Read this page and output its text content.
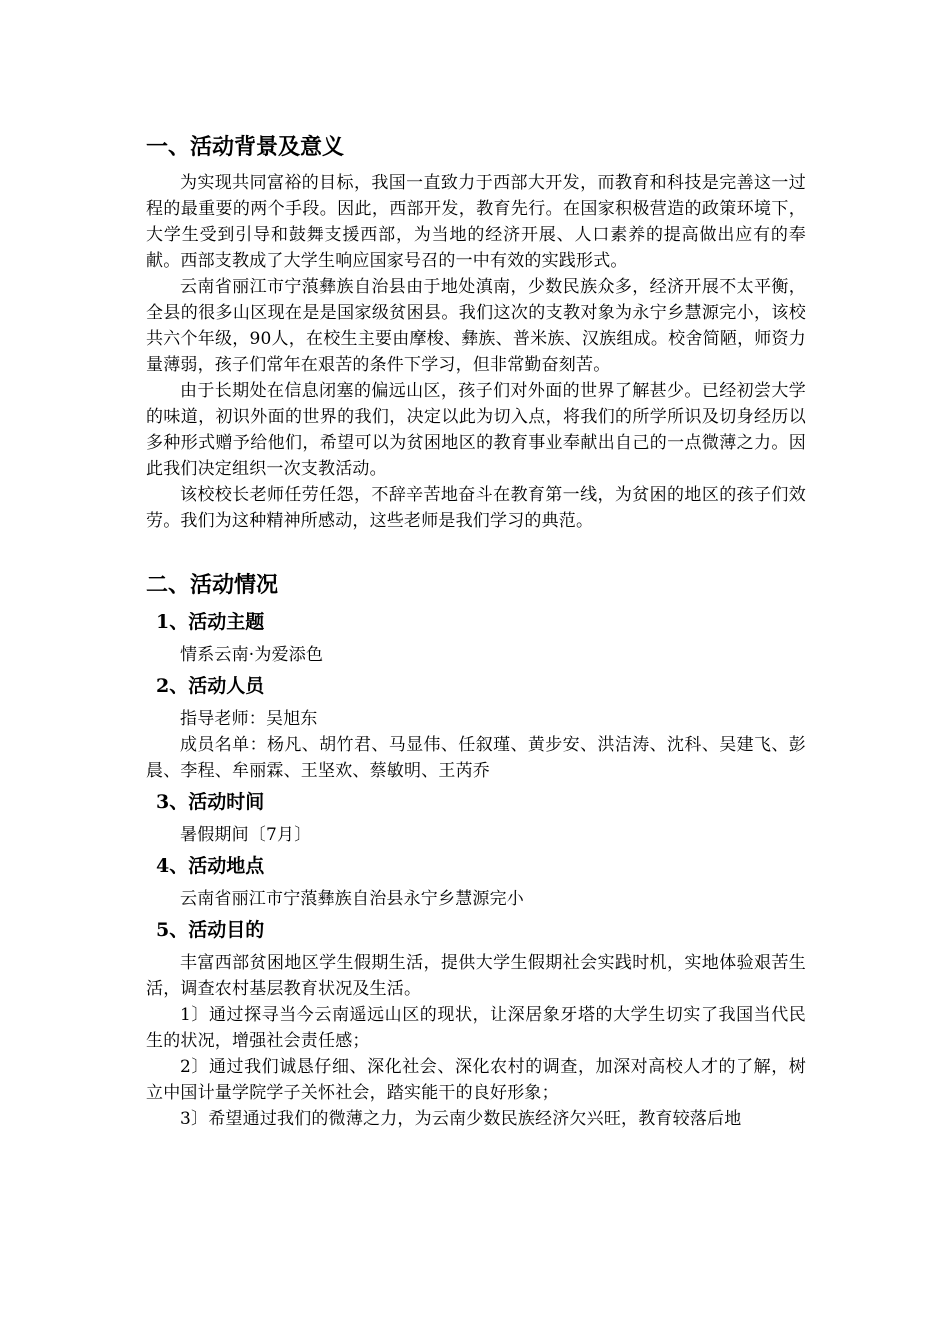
一、活动背景及意义

为实现共同富裕的目标，我国一直致力于西部大开发，而教育和科技是完善这一过程的最重要的两个手段。因此，西部开发，教育先行。在国家积极营造的政策环境下，大学生受到引导和鼓舞支援西部，为当地的经济开展、人口素养的提高做出应有的奉献。西部支教成了大学生响应国家号召的一中有效的实践形式。

云南省丽江市宁蒗彝族自治县由于地处滇南，少数民族众多，经济开展不太平衡，全县的很多山区现在是是国家级贫困县。我们这次的支教对象为永宁乡慧源完小，该校共六个年级，90人，在校生主要由摩梭、彝族、普米族、汉族组成。校舍简陋，师资力量薄弱，孩子们常年在艰苦的条件下学习，但非常勤奋刻苦。

由于长期处在信息闭塞的偏远山区，孩子们对外面的世界了解甚少。已经初尝大学的味道，初识外面的世界的我们，决定以此为切入点，将我们的所学所识及切身经历以多种形式赠予给他们，希望可以为贫困地区的教育事业奉献出自己的一点微薄之力。因此我们决定组织一次支教活动。

该校校长老师任劳任怨，不辞辛苦地奋斗在教育第一线，为贫困的地区的孩子们效劳。我们为这种精神所感动，这些老师是我们学习的典范。

二、活动情况
1、活动主题

情系云南·为爱添色

2、活动人员

指导老师：吴旭东

成员名单：杨凡、胡竹君、马显伟、任叙瑾、黄步安、洪洁涛、沈科、吴建飞、彭晨、李程、牟丽霖、王坚欢、蔡敏明、王芮乔

3、活动时间

暑假期间〔7月〕

4、活动地点

云南省丽江市宁蒗彝族自治县永宁乡慧源完小

5、活动目的

丰富西部贫困地区学生假期生活，提供大学生假期社会实践时机，实地体验艰苦生活，调查农村基层教育状况及生活。

1〕通过探寻当今云南遥远山区的现状，让深居象牙塔的大学生切实了我国当代民生的状况，增强社会责任感；

2〕通过我们诚恳仔细、深化社会、深化农村的调查，加深对高校人才的了解，树立中国计量学院学子关怀社会，踏实能干的良好形象；

3〕希望通过我们的微薄之力，为云南少数民族经济欠兴旺，教育较落后地
